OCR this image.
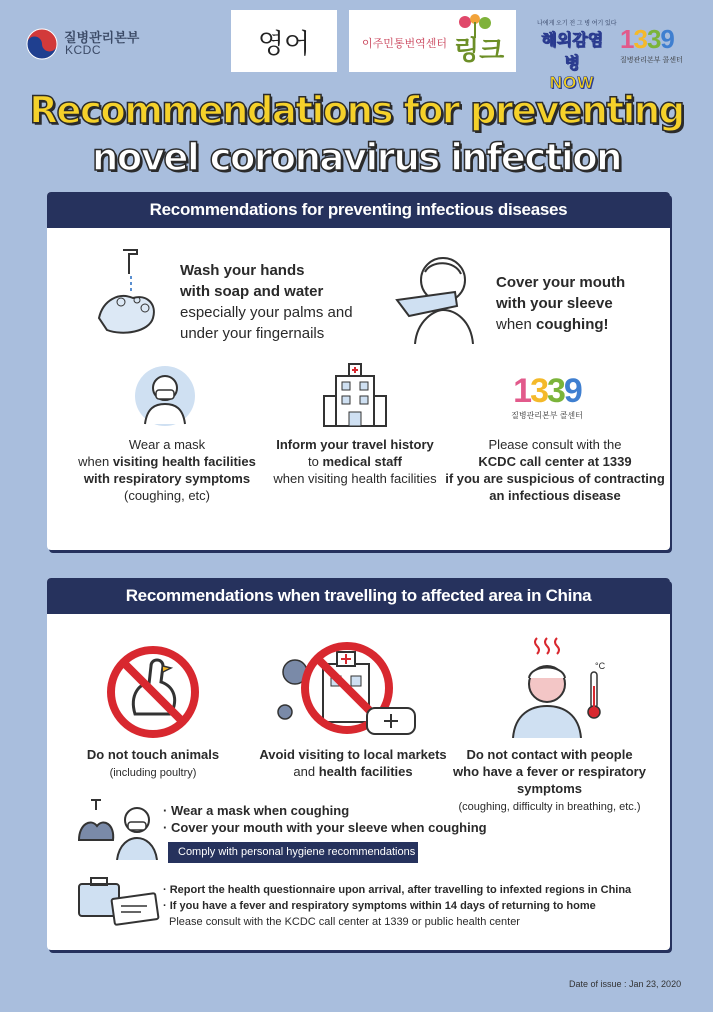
질병관리본부
KCDC	영어	이주민통번역센터 링크
나에게 오기 전 그 병 여기 있다
해외감염병
NOW
1339
질병관리본부 콜센터
Recommendations for preventing
novel coronavirus infection
Recommendations for preventing infectious diseases
Wash your hands
with soap and water
especially your palms and
under your fingernails
Cover your mouth
with your sleeve
when coughing!
Wear a mask
when visiting health facilities
with respiratory symptoms
(coughing, etc)
Inform your travel history
to medical staff
when visiting health facilities
1339
질병관리본부 콜센터
Please consult with the
KCDC call center at 1339
if you are suspicious of contracting
an infectious disease
Recommendations when travelling to affected area in China
Do not touch animals
(including poultry)
Avoid visiting to local markets
and health facilities
°C
Do not contact with people
who have a fever or respiratory symptoms
(coughing, difficulty in breathing, etc.)
· Wear a mask when coughing
· Cover your mouth with your sleeve when coughing
Comply with personal hygiene recommendations
· Report the health questionnaire upon arrival, after travelling to infexted regions in China
· If you have a fever and respiratory symptoms within 14 days of returning to home
Please consult with the KCDC call center at 1339 or public health center
Date of issue : Jan 23, 2020
